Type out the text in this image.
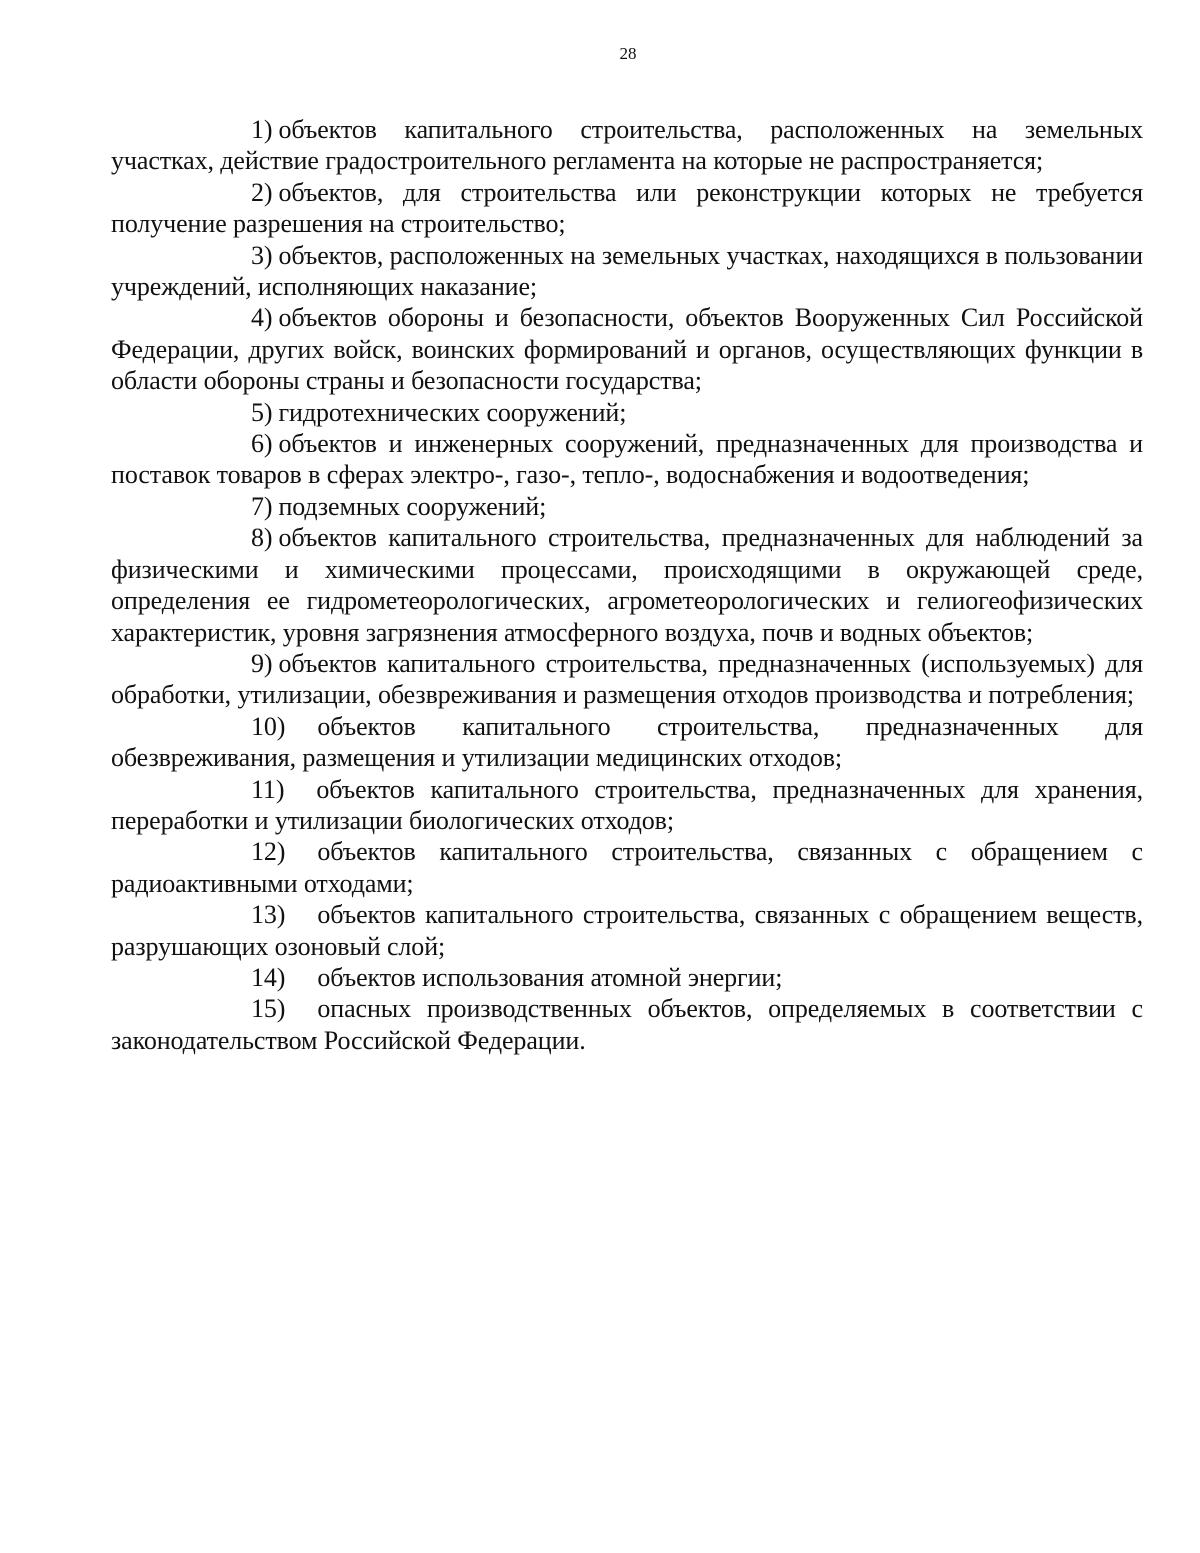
28

1) объектов капитального строительства, расположенных на земельных участках, действие градостроительного регламента на которые не распространяется;

2) объектов, для строительства или реконструкции которых не требуется получение разрешения на строительство;

3) объектов, расположенных на земельных участках, находящихся в пользовании учреждений, исполняющих наказание;

4) объектов обороны и безопасности, объектов Вооруженных Сил Российской Федерации, других войск, воинских формирований и органов, осуществляющих функции в области обороны страны и безопасности государства;

5) гидротехнических сооружений;

6) объектов и инженерных сооружений, предназначенных для производства и поставок товаров в сферах электро-, газо-, тепло-, водоснабжения и водоотведения;

7) подземных сооружений;

8) объектов капитального строительства, предназначенных для наблюдений за физическими и химическими процессами, происходящими в окружающей среде, определения ее гидрометеорологических, агрометеорологических и гелиогеофизических характеристик, уровня загрязнения атмосферного воздуха, почв и водных объектов;

9) объектов капитального строительства, предназначенных (используемых) для обработки, утилизации, обезвреживания и размещения отходов производства и потребления;

10) объектов капитального строительства, предназначенных для обезвреживания, размещения и утилизации медицинских отходов;

11) объектов капитального строительства, предназначенных для хранения, переработки и утилизации биологических отходов;

12) объектов капитального строительства, связанных с обращением с радиоактивными отходами;

13) объектов капитального строительства, связанных с обращением веществ, разрушающих озоновый слой;

14) объектов использования атомной энергии;

15) опасных производственных объектов, определяемых в соответствии с законодательством Российской Федерации.
